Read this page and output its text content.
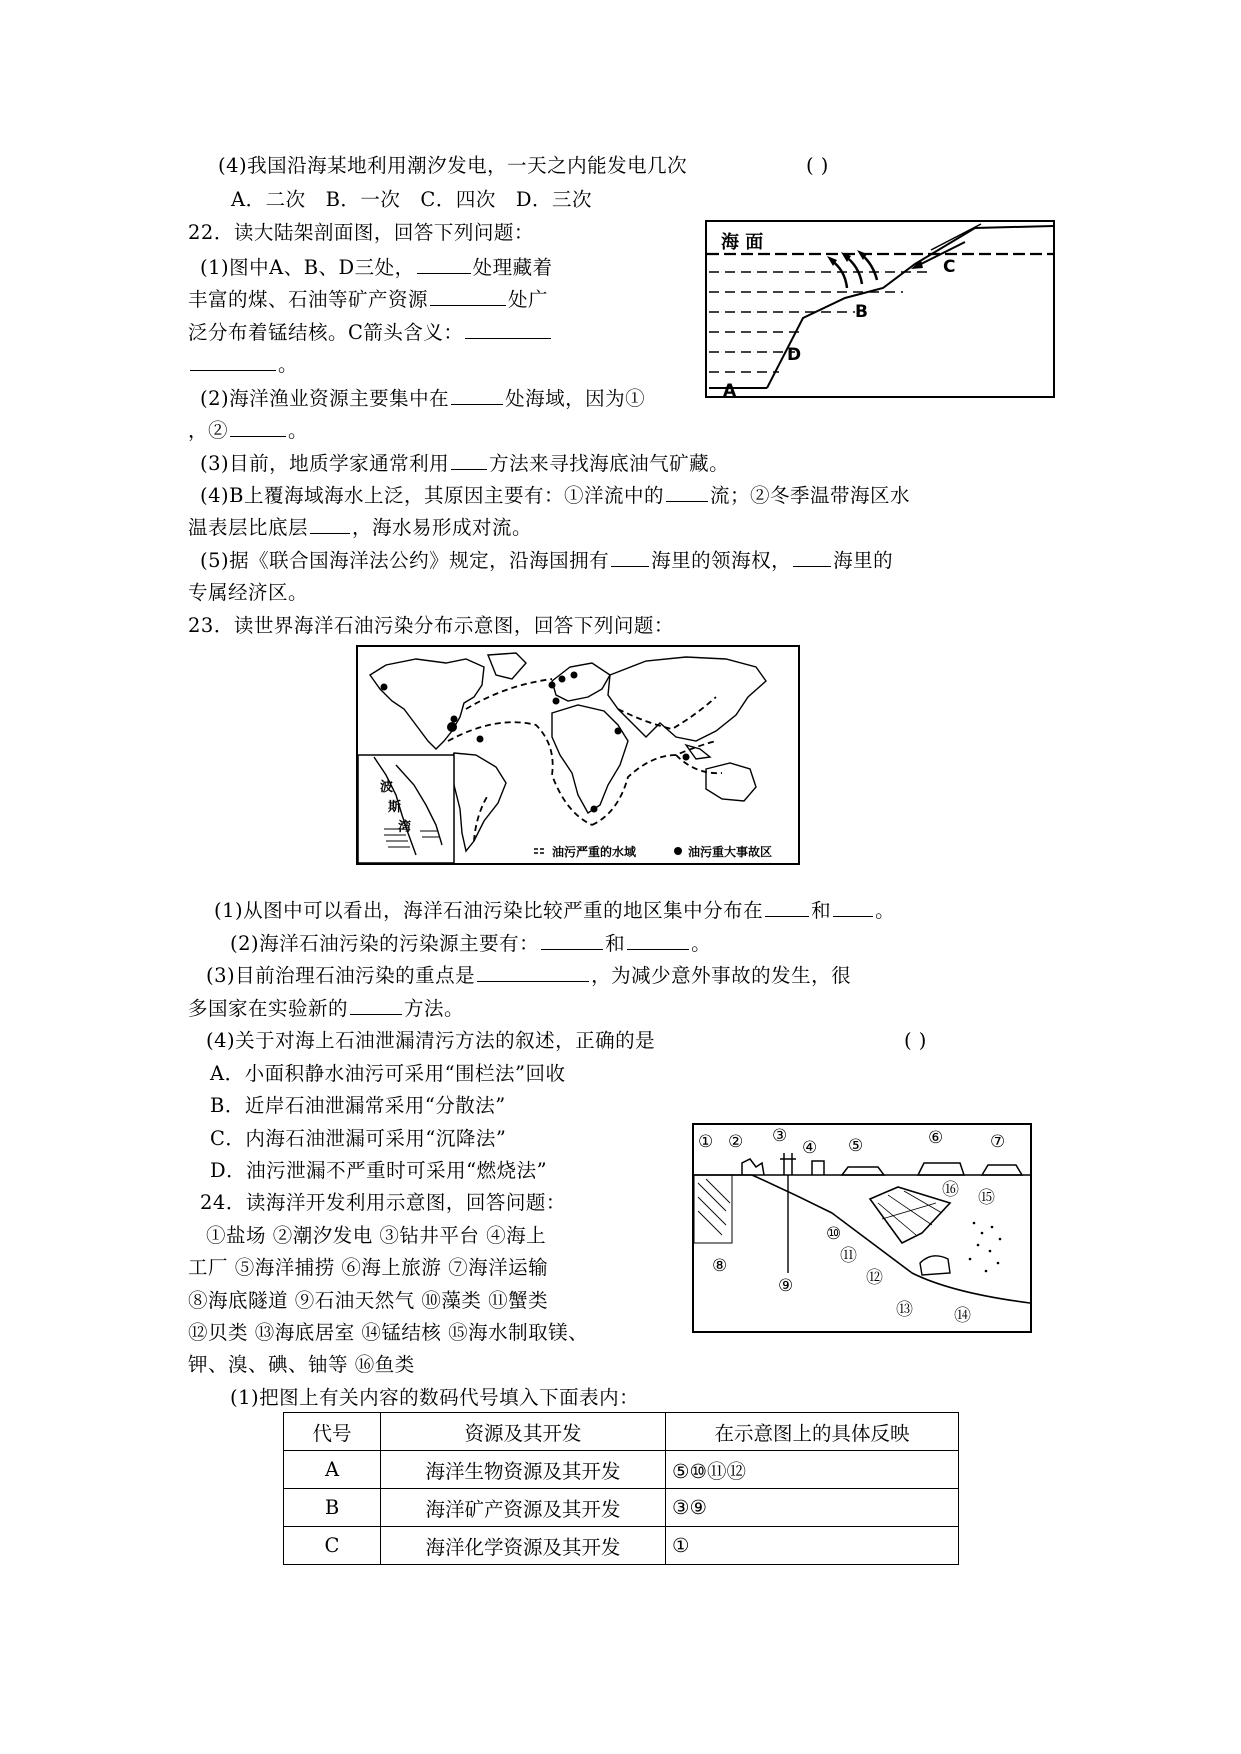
(4)我国沿海某地利用潮汐发电，一天之内能发电几次	( )
A．二次　B．一次　C．四次　D．三次
22．读大陆架剖面图，回答下列问题：
(1)图中A、B、D三处，	处理藏着
丰富的煤、石油等矿产资源	处广
泛分布着锰结核。C箭头含义：
。
(2)海洋渔业资源主要集中在	处海域，因为①
，②	。
(3)目前，地质学家通常利用 方法来寻找海底油气矿藏。
(4)B上覆海域海水上泛，其原因主要有：①洋流中的 流；②冬季温带海区水
温表层比底层 ，海水易形成对流。
(5)据《联合国海洋法公约》规定，沿海国拥有 海里的领海权， 海里的
专属经济区。
海 面
A
B
C
D
23．读世界海洋石油污染分布示意图，回答下列问题：
波
斯
湾
油污严重的水域	油污重大事故区
(1)从图中可以看出，海洋石油污染比较严重的地区集中分布在 和 。
(2)海洋石油污染的污染源主要有：	和	。
(3)目前治理石油污染的重点是	，为减少意外事故的发生，很
多国家在实验新的	方法。
(4)关于对海上石油泄漏清污方法的叙述，正确的是	( )
A．小面积静水油污可采用“围栏法”回收
B．近岸石油泄漏常采用“分散法”
C．内海石油泄漏可采用“沉降法”
D．油污泄漏不严重时可采用“燃烧法”
24．读海洋开发利用示意图，回答问题：
①盐场 ②潮汐发电 ③钻井平台 ④海上
工厂 ⑤海洋捕捞 ⑥海上旅游 ⑦海洋运输
⑧海底隧道 ⑨石油天然气 ⑩藻类 ⑪蟹类
⑫贝类 ⑬海底居室 ⑭锰结核 ⑮海水制取镁、
钾、溴、碘、铀等 ⑯鱼类
(1)把图上有关内容的数码代号填入下面表内：
① ② ③
④ ⑤	⑥	⑦
⑧
⑨
⑩
⑪
⑫
⑬ ⑭
⑮
⑯
代号	资源及其开发	在示意图上的具体反映
A	海洋生物资源及其开发	⑤⑩⑪⑫
B	海洋矿产资源及其开发	③⑨
C	海洋化学资源及其开发	①
